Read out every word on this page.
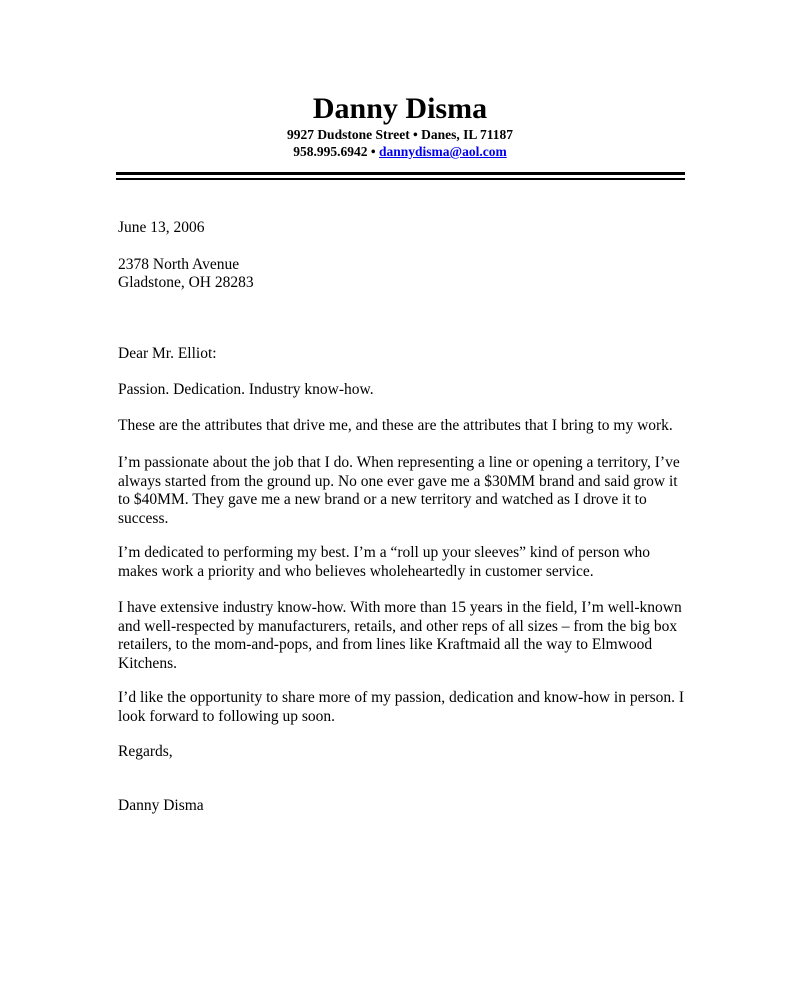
Danny Disma

9927 Dudstone Street • Danes, IL 71187

958.995.6942 • dannydisma@aol.com

June 13, 2006

2378 North Avenue

Gladstone, OH 28283

Dear Mr. Elliot:

Passion. Dedication. Industry know-how.

These are the attributes that drive me, and these are the attributes that I bring to my work.

I’m passionate about the job that I do. When representing a line or opening a territory, I’ve always started from the ground up. No one ever gave me a $30MM brand and said grow it to $40MM. They gave me a new brand or a new territory and watched as I drove it to success.

I’m dedicated to performing my best. I’m a “roll up your sleeves” kind of person who makes work a priority and who believes wholeheartedly in customer service.

I have extensive industry know-how. With more than 15 years in the field, I’m well-known and well-respected by manufacturers, retails, and other reps of all sizes – from the big box retailers, to the mom-and-pops, and from lines like Kraftmaid all the way to Elmwood Kitchens.

I’d like the opportunity to share more of my passion, dedication and know-how in person. I look forward to following up soon.

Regards,

Danny Disma
